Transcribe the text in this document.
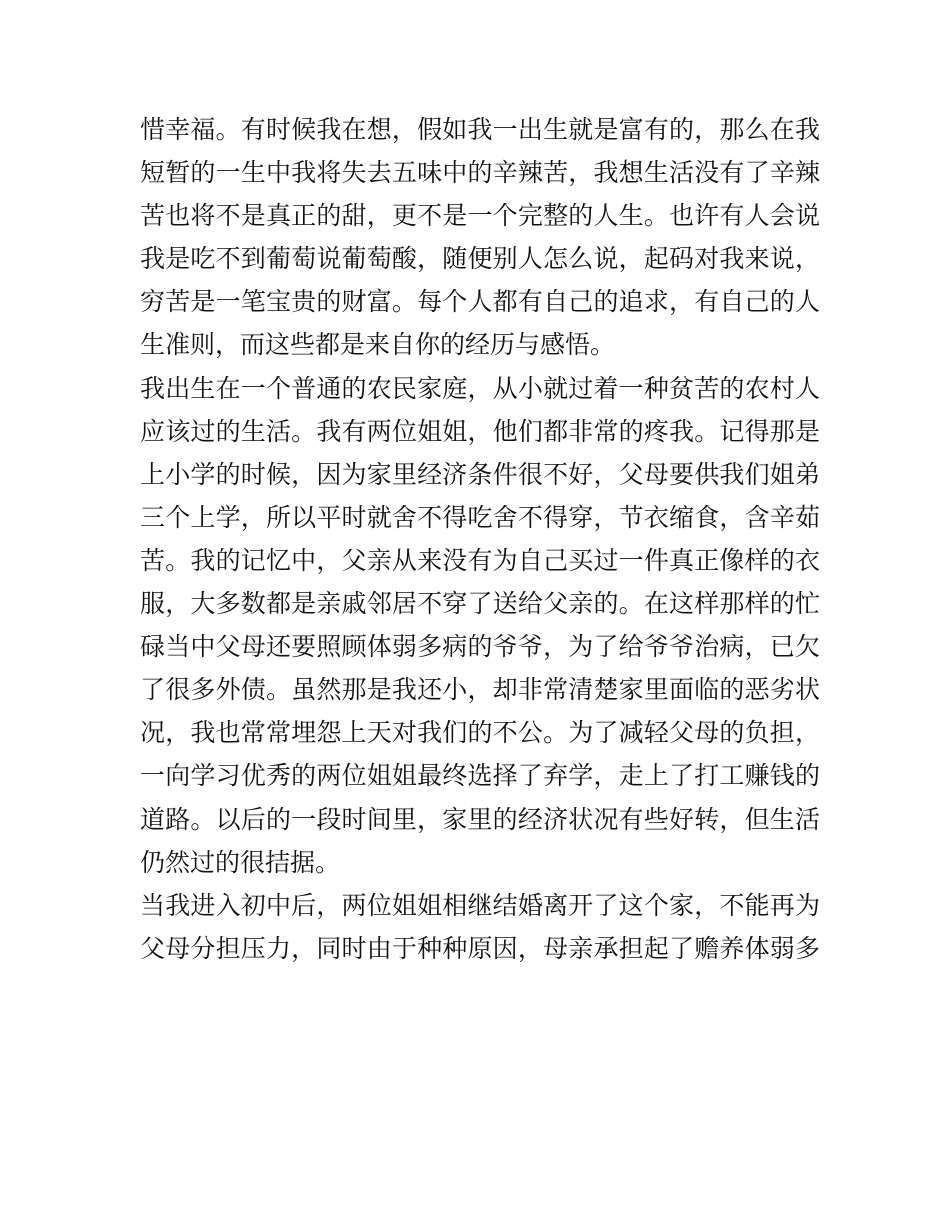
惜幸福。有时候我在想，假如我一出生就是富有的，那么在我
短暂的一生中我将失去五味中的辛辣苦，我想生活没有了辛辣
苦也将不是真正的甜，更不是一个完整的人生。也许有人会说
我是吃不到葡萄说葡萄酸，随便别人怎么说，起码对我来说，
穷苦是一笔宝贵的财富。每个人都有自己的追求，有自己的人
生准则，而这些都是来自你的经历与感悟。
我出生在一个普通的农民家庭，从小就过着一种贫苦的农村人
应该过的生活。我有两位姐姐，他们都非常的疼我。记得那是
上小学的时候，因为家里经济条件很不好，父母要供我们姐弟
三个上学，所以平时就舍不得吃舍不得穿，节衣缩食，含辛茹
苦。我的记忆中，父亲从来没有为自己买过一件真正像样的衣
服，大多数都是亲戚邻居不穿了送给父亲的。在这样那样的忙
碌当中父母还要照顾体弱多病的爷爷，为了给爷爷治病，已欠
了很多外债。虽然那是我还小，却非常清楚家里面临的恶劣状
况，我也常常埋怨上天对我们的不公。为了减轻父母的负担，
一向学习优秀的两位姐姐最终选择了弃学，走上了打工赚钱的
道路。以后的一段时间里，家里的经济状况有些好转，但生活
仍然过的很拮据。
当我进入初中后，两位姐姐相继结婚离开了这个家，不能再为
父母分担压力，同时由于种种原因，母亲承担起了赡养体弱多
